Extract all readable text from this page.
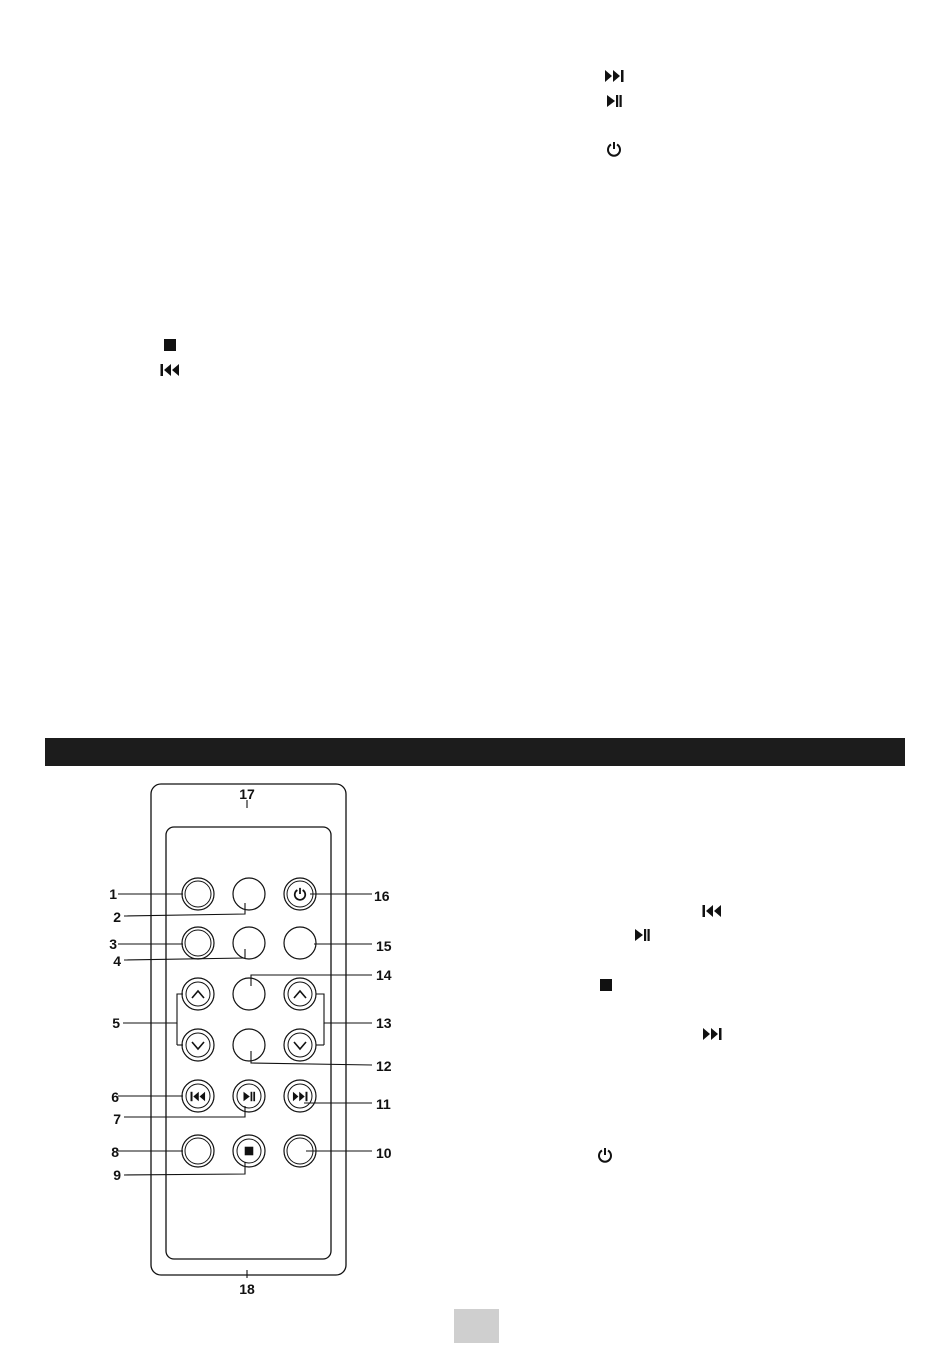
17
18
1
2
3
4
5
6
7
8
9
16
15
14
13
12
11
10
